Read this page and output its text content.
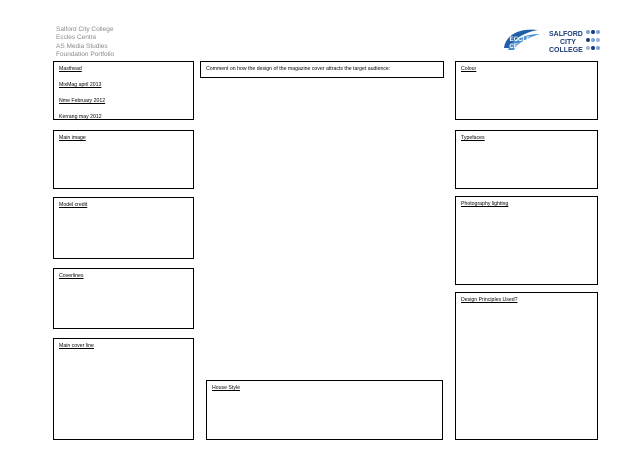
Salford City College
Eccles Centre
AS Media Studies
Foundation Portfolio
ECCLES
CENTRE
SALFORD
CITY
COLLEGE
Masthead
MixMag april 2013
Nme February 2012
Kerrang may 2012
Main image
Model credit
Coverlines
Main cover line
Comment on how the design of the magazine cover attracts the target audience:
House Style
Colour
Typefaces
Photography lighting
Design Principles Used?
